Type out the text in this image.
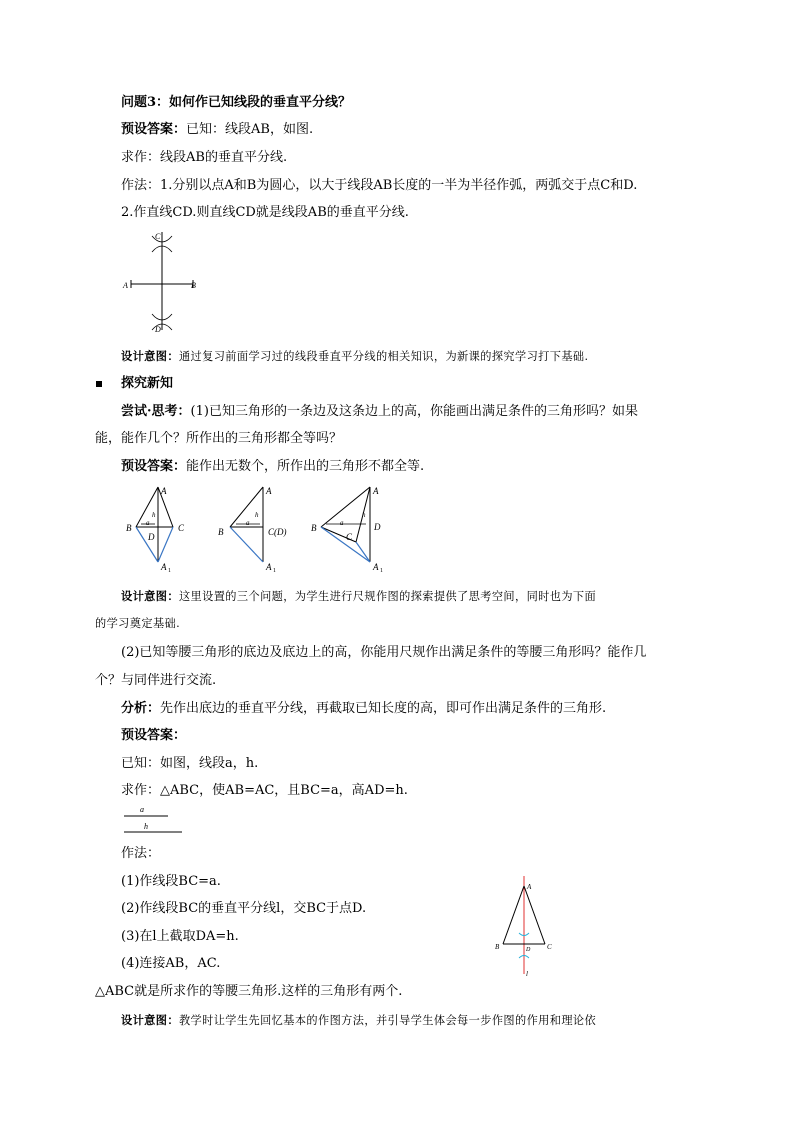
问题3：如何作已知线段的垂直平分线？
预设答案：已知：线段AB，如图.
求作：线段AB的垂直平分线.
作法：1.分别以点A和B为圆心，以大于线段AB长度的一半为半径作弧，两弧交于点C和D.
2.作直线CD.则直线CD就是线段AB的垂直平分线.
C
A	B
D
设计意图：通过复习前面学习过的线段垂直平分线的相关知识，为新课的探究学习打下基础.
探究新知
尝试·思考：(1)已知三角形的一条边及这条边上的高，你能画出满足条件的三角形吗？如果
能，能作几个？所作出的三角形都全等吗？
预设答案：能作出无数个，所作出的三角形不都全等.
A
B	C
D
h
a
A 1
A
B	C(D)
h
a
A 1
A
B
C
D
h
a
A 1
设计意图：这里设置的三个问题，为学生进行尺规作图的探索提供了思考空间，同时也为下面
的学习奠定基础.
(2)已知等腰三角形的底边及底边上的高，你能用尺规作出满足条件的等腰三角形吗？能作几
个？与同伴进行交流.
分析：先作出底边的垂直平分线，再截取已知长度的高，即可作出满足条件的三角形.
预设答案：
已知：如图，线段a，h.
求作：△ABC，使AB=AC，且BC=a，高AD=h.
a
h
作法：
(1)作线段BC=a.
(2)作线段BC的垂直平分线l，交BC于点D.
(3)在l上截取DA=h.
(4)连接AB，AC.
△ABC就是所求作的等腰三角形.这样的三角形有两个.
A
B	C
D
l
设计意图：教学时让学生先回忆基本的作图方法，并引导学生体会每一步作图的作用和理论依
